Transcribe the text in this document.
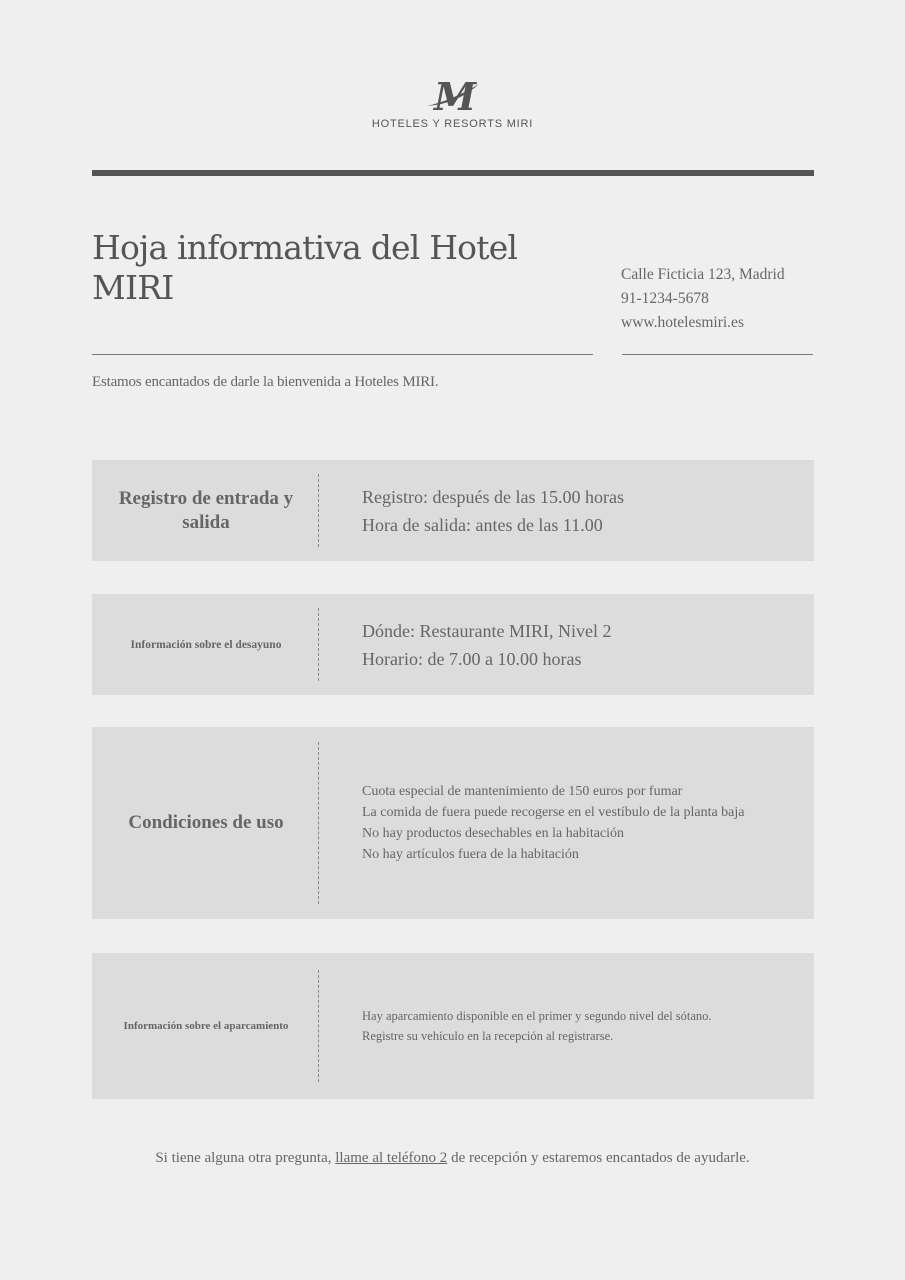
M
HOTELES Y RESORTS MIRI
Hoja informativa del Hotel MIRI	Calle Ficticia 123, Madrid
91-1234-5678
www.hotelesmiri.es
Estamos encantados de darle la bienvenida a Hoteles MIRI.
Registro de entrada y salida
Registro: después de las 15.00 horas
Hora de salida: antes de las 11.00
Información sobre el desayuno
Dónde: Restaurante MIRI, Nivel 2
Horario: de 7.00 a 10.00 horas
Condiciones de uso
Cuota especial de mantenimiento de 150 euros por fumar
La comida de fuera puede recogerse en el vestíbulo de la planta baja
No hay productos desechables en la habitación
No hay artículos fuera de la habitación
Información sobre el aparcamiento
Hay aparcamiento disponible en el primer y segundo nivel del sótano.
Registre su vehículo en la recepción al registrarse.
Si tiene alguna otra pregunta, llame al teléfono 2 de recepción y estaremos encantados de ayudarle.
